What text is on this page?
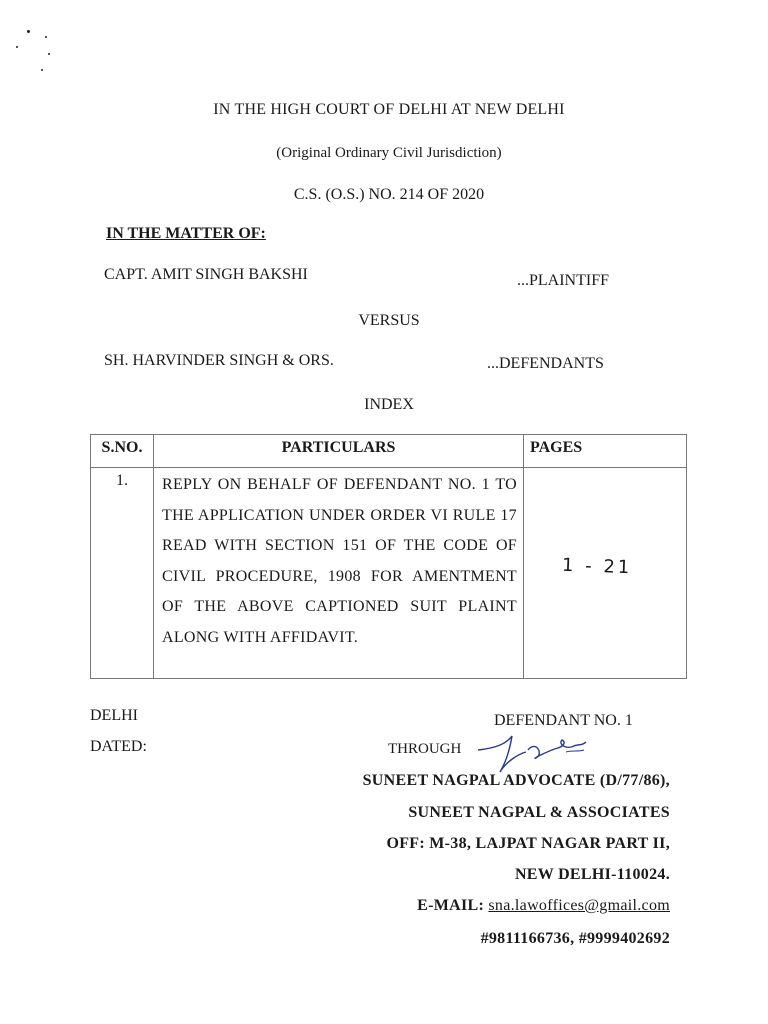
IN THE HIGH COURT OF DELHI AT NEW DELHI
(Original Ordinary Civil Jurisdiction)
C.S. (O.S.) NO. 214 OF 2020
IN THE MATTER OF:
CAPT. AMIT SINGH BAKSHI	...PLAINTIFF
VERSUS
SH. HARVINDER SINGH & ORS.	...DEFENDANTS
INDEX
S.NO.	PARTICULARS	PAGES
1.	REPLY ON BEHALF OF DEFENDANT NO. 1 TO THE APPLICATION UNDER ORDER VI RULE 17 READ WITH SECTION 151 OF THE CODE OF CIVIL PROCEDURE, 1908 FOR AMENTMENT OF THE ABOVE CAPTIONED SUIT PLAINT ALONG WITH AFFIDAVIT.	1 - 21
DELHI
DATED:
DEFENDANT NO. 1
THROUGH
SUNEET NAGPAL ADVOCATE (D/77/86),
SUNEET NAGPAL & ASSOCIATES
OFF: M-38, LAJPAT NAGAR PART II,
NEW DELHI-110024.
E-MAIL: sna.lawoffices@gmail.com
#9811166736, #9999402692
